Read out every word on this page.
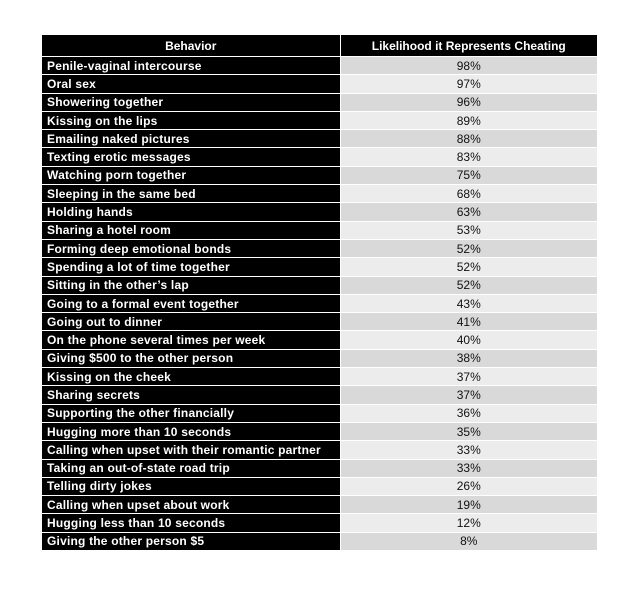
Behavior	Likelihood it Represents Cheating
Penile-vaginal intercourse	98%
Oral sex	97%
Showering together	96%
Kissing on the lips	89%
Emailing naked pictures	88%
Texting erotic messages	83%
Watching porn together	75%
Sleeping in the same bed	68%
Holding hands	63%
Sharing a hotel room	53%
Forming deep emotional bonds	52%
Spending a lot of time together	52%
Sitting in the other’s lap	52%
Going to a formal event together	43%
Going out to dinner	41%
On the phone several times per week	40%
Giving $500 to the other person	38%
Kissing on the cheek	37%
Sharing secrets	37%
Supporting the other financially	36%
Hugging more than 10 seconds	35%
Calling when upset with their romantic partner	33%
Taking an out-of-state road trip	33%
Telling dirty jokes	26%
Calling when upset about work	19%
Hugging less than 10 seconds	12%
Giving the other person $5	8%
